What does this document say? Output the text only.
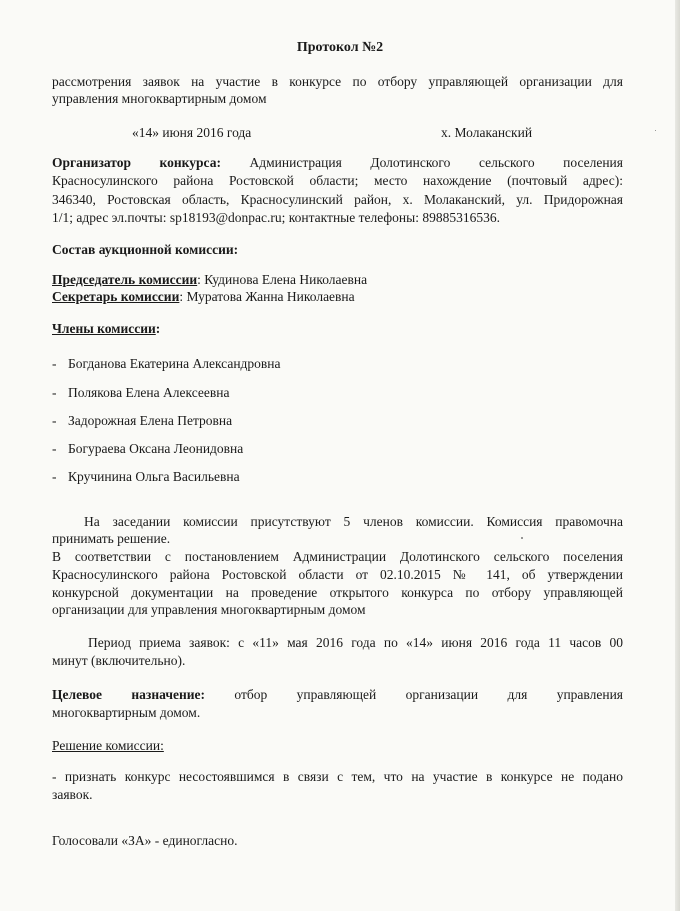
Протокол №2
рассмотрения заявок на участие в конкурсе по отбору управляющей организации для
управления многоквартирным домом
«14» июня 2016 года	х. Молаканский
Организатор конкурса: Администрация Долотинского сельского поселения
Красносулинского района Ростовской области; место нахождение (почтовый адрес):
346340, Ростовская область, Красносулинский район, х. Молаканский, ул. Придорожная
1/1; адрес эл.почты: sp18193@donpac.ru; контактные телефоны: 89885316536.
Состав аукционной комиссии:
Председатель комиссии: Кудинова Елена Николаевна
Секретарь комиссии: Муратова Жанна Николаевна
Члены комиссии:
- Богданова Екатерина Александровна
- Полякова Елена Алексеевна
- Задорожная Елена Петровна
- Богураева Оксана Леонидовна
- Кручинина Ольга Васильевна
На заседании комиссии присутствуют 5 членов комиссии. Комиссия правомочна
принимать решение.
В соответствии с постановлением Администрации Долотинского сельского поселения
Красносулинского района Ростовской области от 02.10.2015 № 141, об утверждении
конкурсной документации на проведение открытого конкурса по отбору управляющей
организации для управления многоквартирным домом
Период приема заявок: с «11» мая 2016 года по «14» июня 2016 года 11 часов 00
минут (включительно).
Целевое назначение: отбор управляющей организации для управления
многоквартирным домом.
Решение комиссии:
- признать конкурс несостоявшимся в связи с тем, что на участие в конкурсе не подано
заявок.
Голосовали «ЗА» - единогласно.
